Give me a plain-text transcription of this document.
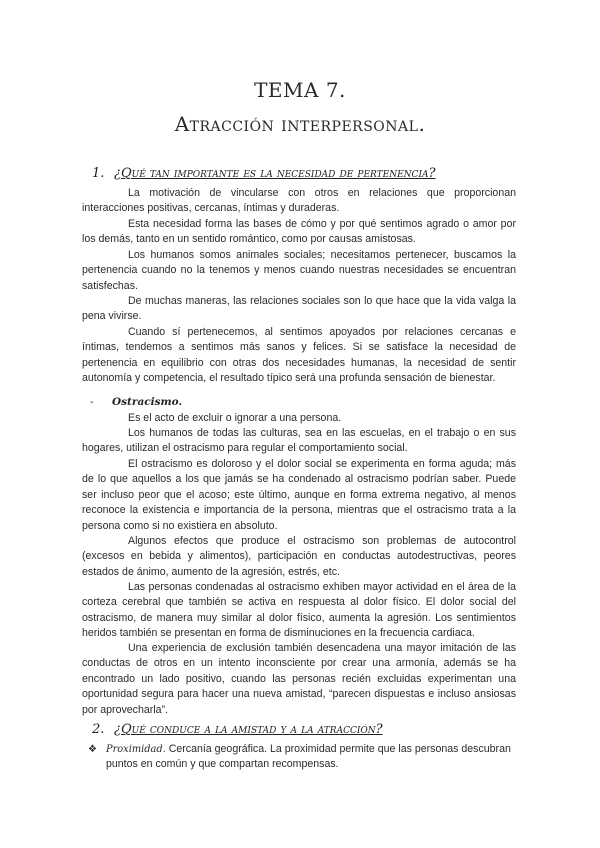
TEMA 7.
Atracción interpersonal.
1. ¿Qué tan importante es la necesidad de pertenencia?
La motivación de vincularse con otros en relaciones que proporcionan interacciones positivas, cercanas, íntimas y duraderas.
Esta necesidad forma las bases de cómo y por qué sentimos agrado o amor por los demás, tanto en un sentido romántico, como por causas amistosas.
Los humanos somos animales sociales; necesitamos pertenecer, buscamos la pertenencia cuando no la tenemos y menos cuando nuestras necesidades se encuentran satisfechas.
De muchas maneras, las relaciones sociales son lo que hace que la vida valga la pena vivirse.
Cuando sí pertenecemos, al sentimos apoyados por relaciones cercanas e íntimas, tendemos a sentimos más sanos y felices. Si se satisface la necesidad de pertenencia en equilibrio con otras dos necesidades humanas, la necesidad de sentir autonomía y competencia, el resultado típico será una profunda sensación de bienestar.
- Ostracismo.
Es el acto de excluir o ignorar a una persona.
Los humanos de todas las culturas, sea en las escuelas, en el trabajo o en sus hogares, utilizan el ostracismo para regular el comportamiento social.
El ostracismo es doloroso y el dolor social se experimenta en forma aguda; más de lo que aquellos a los que jamás se ha condenado al ostracismo podrían saber. Puede ser incluso peor que el acoso; este último, aunque en forma extrema negativo, al menos reconoce la existencia e importancia de la persona, mientras que el ostracismo trata a la persona como si no existiera en absoluto.
Algunos efectos que produce el ostracismo son problemas de autocontrol (excesos en bebida y alimentos), participación en conductas autodestructivas, peores estados de ánimo, aumento de la agresión, estrés, etc.
Las personas condenadas al ostracismo exhiben mayor actividad en el área de la corteza cerebral que también se activa en respuesta al dolor físico. El dolor social del ostracismo, de manera muy similar al dolor físico, aumenta la agresión. Los sentimientos heridos también se presentan en forma de disminuciones en la frecuencia cardiaca.
Una experiencia de exclusión también desencadena una mayor imitación de las conductas de otros en un intento inconsciente por crear una armonía, además se ha encontrado un lado positivo, cuando las personas recién excluidas experimentan una oportunidad segura para hacer una nueva amistad, “parecen dispuestas e incluso ansiosas por aprovecharla”.
2. ¿Qué conduce a la amistad y a la atracción?
❖ Proximidad. Cercanía geográfica. La proximidad permite que las personas descubran puntos en común y que compartan recompensas.
